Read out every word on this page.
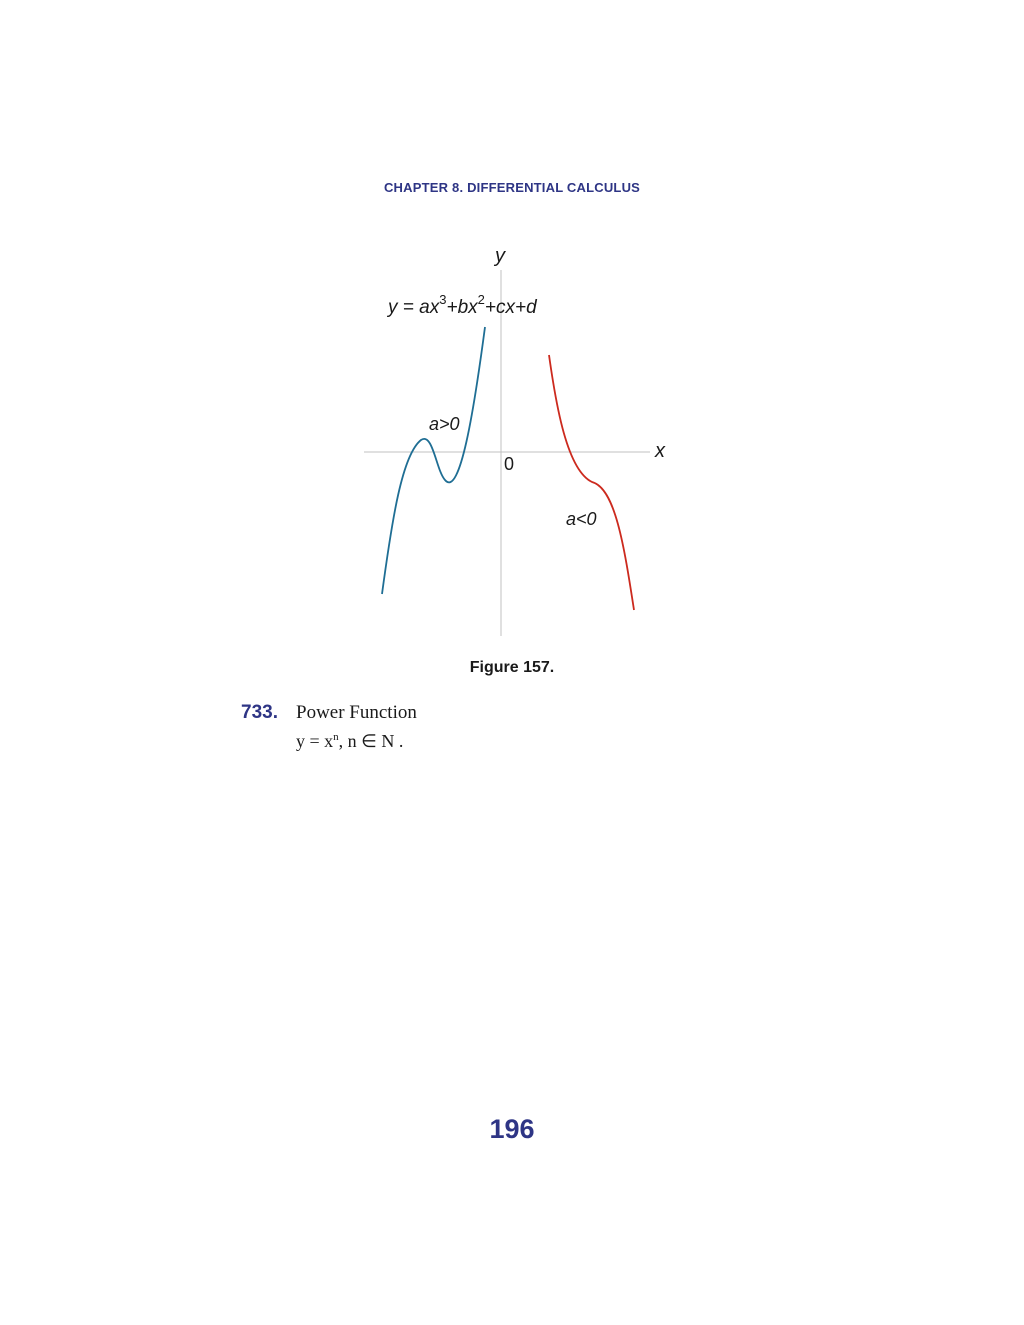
CHAPTER 8. DIFFERENTIAL CALCULUS
y
x
0
$y = ax^3+bx^2+cx+d$
a>0
a<0
Figure 157.
733. Power Function
$y = x^n$, n ∈ N .
196
